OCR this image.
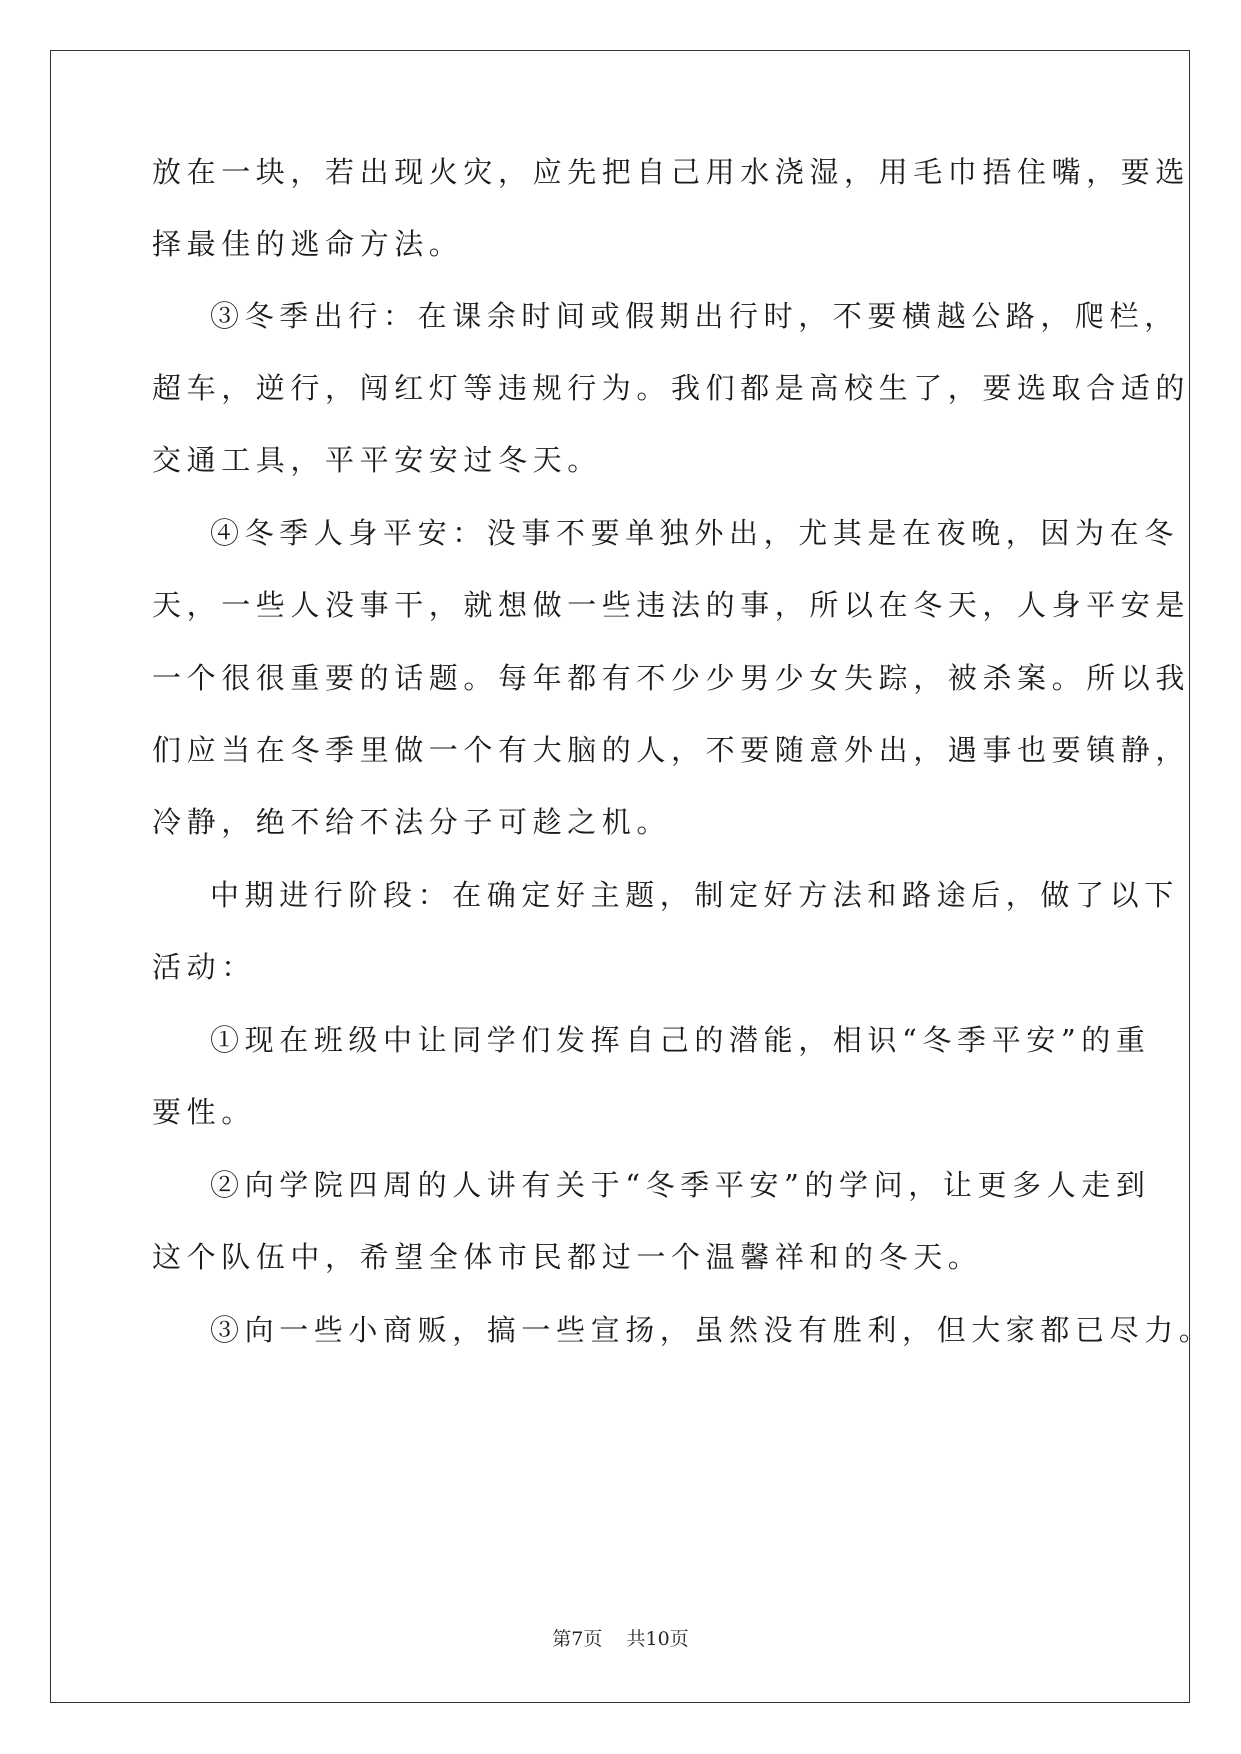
放在一块，若出现火灾，应先把自己用水浇湿，用毛巾捂住嘴，要选
择最佳的逃命方法。
③冬季出行：在课余时间或假期出行时，不要横越公路，爬栏，
超车，逆行，闯红灯等违规行为。我们都是高校生了，要选取合适的
交通工具，平平安安过冬天。
④冬季人身平安：没事不要单独外出，尤其是在夜晚，因为在冬
天，一些人没事干，就想做一些违法的事，所以在冬天，人身平安是
一个很很重要的话题。每年都有不少少男少女失踪，被杀案。所以我
们应当在冬季里做一个有大脑的人，不要随意外出，遇事也要镇静，
冷静，绝不给不法分子可趁之机。
中期进行阶段：在确定好主题，制定好方法和路途后，做了以下
活动：
①现在班级中让同学们发挥自己的潜能，相识“冬季平安”的重
要性。
②向学院四周的人讲有关于“冬季平安”的学问，让更多人走到
这个队伍中，希望全体市民都过一个温馨祥和的冬天。
③向一些小商贩，搞一些宣扬，虽然没有胜利，但大家都已尽力。
第7页 共10页
